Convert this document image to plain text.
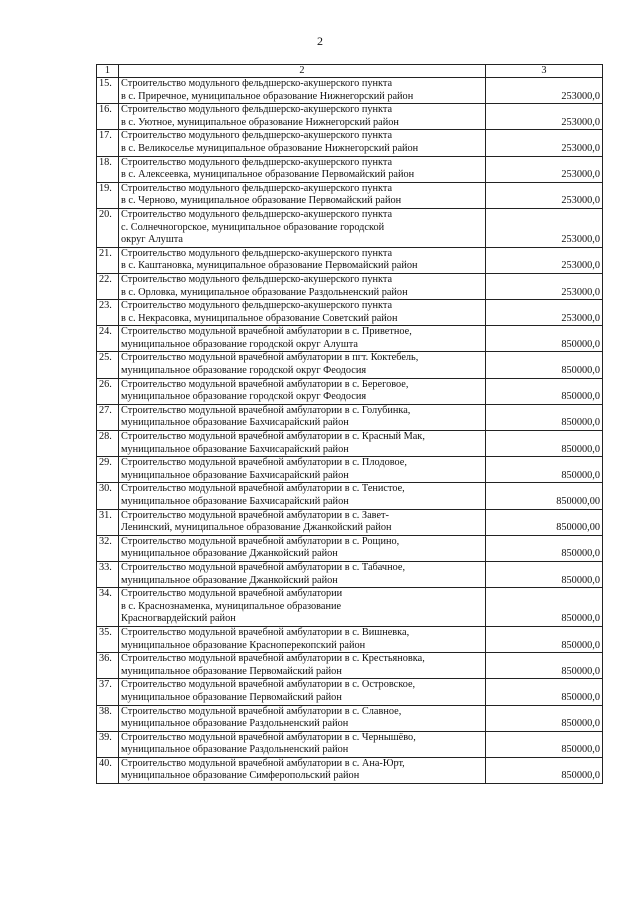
2
1	2	3
15.	Строительство модульного фельдшерско-акушерского пункта
в с. Приречное, муниципальное образование Нижнегорский район	253000,0
16.	Строительство модульного фельдшерско-акушерского пункта
в с. Уютное, муниципальное образование Нижнегорский район	253000,0
17.	Строительство модульного фельдшерско-акушерского пункта
в с. Великоселье муниципальное образование Нижнегорский район	253000,0
18.	Строительство модульного фельдшерско-акушерского пункта
в с. Алексеевка, муниципальное образование Первомайский район	253000,0
19.	Строительство модульного фельдшерско-акушерского пункта
в с. Черново, муниципальное образование Первомайский район	253000,0
20.	Строительство модульного фельдшерско-акушерского пункта
с. Солнечногорское, муниципальное образование городской
округ Алушта	253000,0
21.	Строительство модульного фельдшерско-акушерского пункта
в с. Каштановка, муниципальное образование Первомайский район	253000,0
22.	Строительство модульного фельдшерско-акушерского пункта
в с. Орловка, муниципальное образование Раздольненский район	253000,0
23.	Строительство модульного фельдшерско-акушерского пункта
в с. Некрасовка, муниципальное образование Советский район	253000,0
24.	Строительство модульной врачебной амбулатории в с. Приветное,
муниципальное образование городской округ Алушта	850000,0
25.	Строительство модульной врачебной амбулатории в пгт. Коктебель,
муниципальное образование городской округ Феодосия	850000,0
26.	Строительство модульной врачебной амбулатории в с. Береговое,
муниципальное образование городской округ Феодосия	850000,0
27.	Строительство модульной врачебной амбулатории в с. Голубинка,
муниципальное образование Бахчисарайский район	850000,0
28.	Строительство модульной врачебной амбулатории в с. Красный Мак,
муниципальное образование Бахчисарайский район	850000,0
29.	Строительство модульной врачебной амбулатории в с. Плодовое,
муниципальное образование Бахчисарайский район	850000,0
30.	Строительство модульной врачебной амбулатории в с. Тенистое,
муниципальное образование Бахчисарайский район	850000,00
31.	Строительство модульной врачебной амбулатории в с. Завет-
Ленинский, муниципальное образование Джанкойский район	850000,00
32.	Строительство модульной врачебной амбулатории в с. Рощино,
муниципальное образование Джанкойский район	850000,0
33.	Строительство модульной врачебной амбулатории в с. Табачное,
муниципальное образование Джанкойский район	850000,0
34.	Строительство модульной врачебной амбулатории
в с. Краснознаменка, муниципальное образование
Красногвардейский район	850000,0
35.	Строительство модульной врачебной амбулатории в с. Вишневка,
муниципальное образование Красноперекопский район	850000,0
36.	Строительство модульной врачебной амбулатории в с. Крестьяновка,
муниципальное образование Первомайский район	850000,0
37.	Строительство модульной врачебной амбулатории в с. Островское,
муниципальное образование Первомайский район	850000,0
38.	Строительство модульной врачебной амбулатории в с. Славное,
муниципальное образование Раздольненский район	850000,0
39.	Строительство модульной врачебной амбулатории в с. Чернышёво,
муниципальное образование Раздольненский район	850000,0
40.	Строительство модульной врачебной амбулатории в с. Ана-Юрт,
муниципальное образование Симферопольский район	850000,0
